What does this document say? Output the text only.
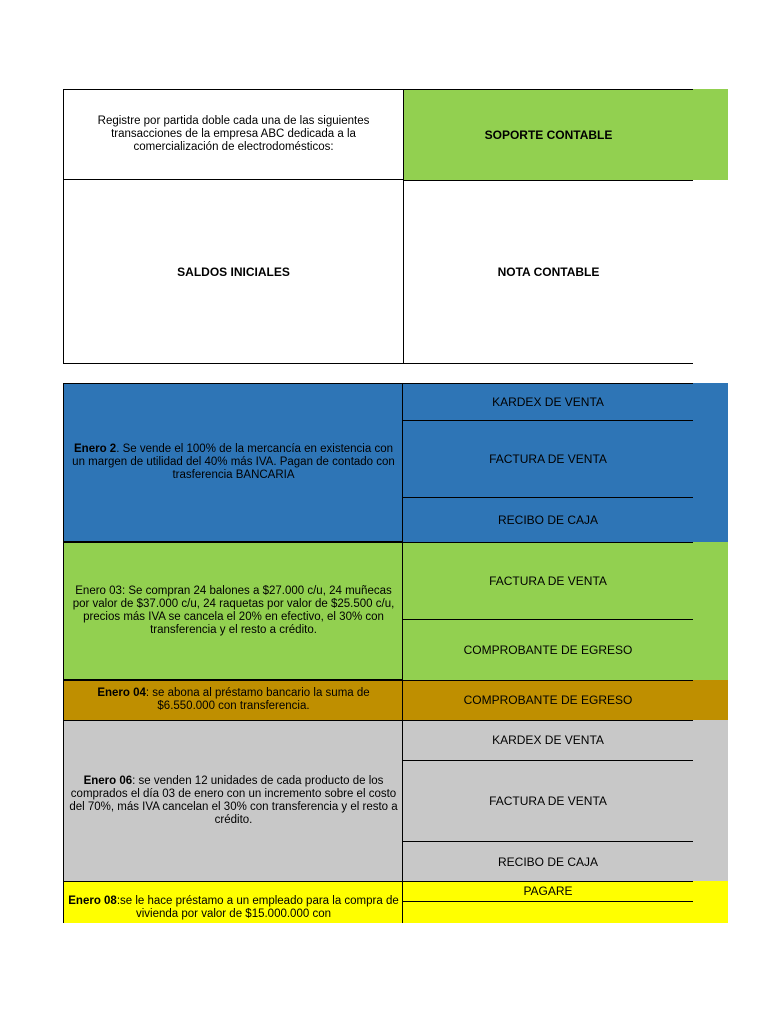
Registre por partida doble cada una de las siguientes transacciones de la empresa ABC dedicada a la comercialización de electrodomésticos:
SOPORTE CONTABLE
SALDOS INICIALES	NOTA CONTABLE
Enero 2. Se vende el 100% de la mercancía en existencia con un margen de utilidad del 40% más IVA. Pagan de contado con trasferencia BANCARIA
KARDEX DE VENTA
FACTURA DE VENTA
RECIBO DE CAJA
Enero 03: Se compran 24 balones a $27.000 c/u, 24 muñecas por valor de $37.000 c/u, 24 raquetas por valor de $25.500 c/u, precios más IVA se cancela el 20% en efectivo, el 30% con transferencia y el resto a crédito.
FACTURA DE VENTA
COMPROBANTE DE EGRESO
Enero 04: se abona al préstamo bancario la suma de $6.550.000 con transferencia.	COMPROBANTE DE EGRESO
Enero 06: se venden 12 unidades de cada producto de los comprados el día 03 de enero con un incremento sobre el costo del 70%, más IVA cancelan el 30% con transferencia y el resto a crédito.
KARDEX DE VENTA
FACTURA DE VENTA
RECIBO DE CAJA
Enero 08:se le hace préstamo a un empleado para la compra de vivienda por valor de $15.000.000 con
PAGARE
